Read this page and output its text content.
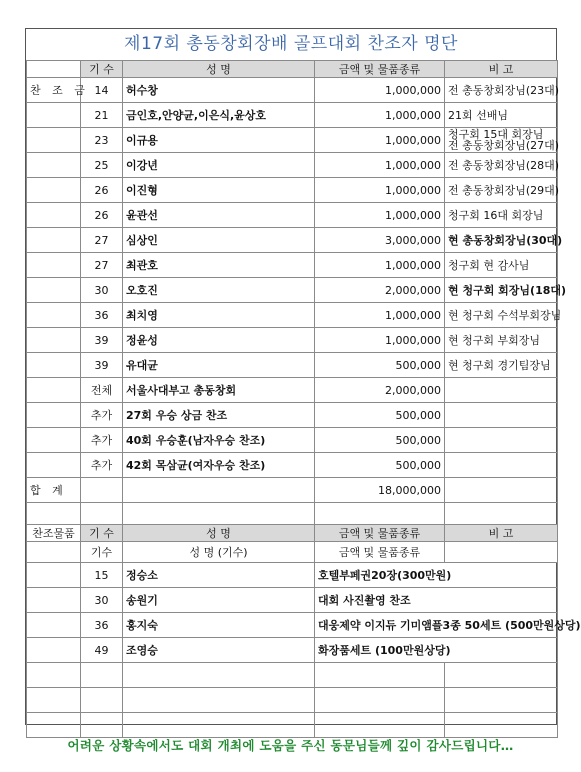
제17회 총동창회장배 골프대회 찬조자 명단
	기 수	성 명	금액 및 물품종류	비 고
찬 조 금	14	허수창	1,000,000	전 총동창회장님(23대)
	21	금인호,안양균,이은식,윤상호	1,000,000	21회 선배님
	23	이규용	1,000,000	청구회 15대 회장님
전 총동창회장님(27대)
	25	이강년	1,000,000	전 총동창회장님(28대)
	26	이진형	1,000,000	전 총동창회장님(29대)
	26	윤관선	1,000,000	청구회 16대 회장님
	27	심상인	3,000,000	현 총동창회장님(30대)
	27	최관호	1,000,000	청구회 현 감사님
	30	오호진	2,000,000	현 청구회 회장님(18대)
	36	최치영	1,000,000	현 청구회 수석부회장님
	39	정윤성	1,000,000	현 청구회 부회장님
	39	유대균	500,000	현 청구회 경기팀장님
	전체	서울사대부고 총동창회	2,000,000	
	추가	27회 우승 상금 찬조	500,000	
	추가	40회 우승훈(남자우승 찬조)	500,000	
	추가	42회 목삼균(여자우승 찬조)	500,000	
합 계			18,000,000	

찬조물품	기 수	성 명	금액 및 물품종류	비 고
	기수	성 명 (기수)	금액 및 물품종류	
	15	정승소	호텔부페권20장(300만원)	
	30	송원기	대회 사진촬영 찬조	
	36	홍지숙	대웅제약 이지듀 기미앰플3종 50세트 (500만원상당)	
	49	조영승	화장품세트 (100만원상당)	

어려운 상황속에서도 대회 개최에 도움을 주신 동문님들께 깊이 감사드립니다…
